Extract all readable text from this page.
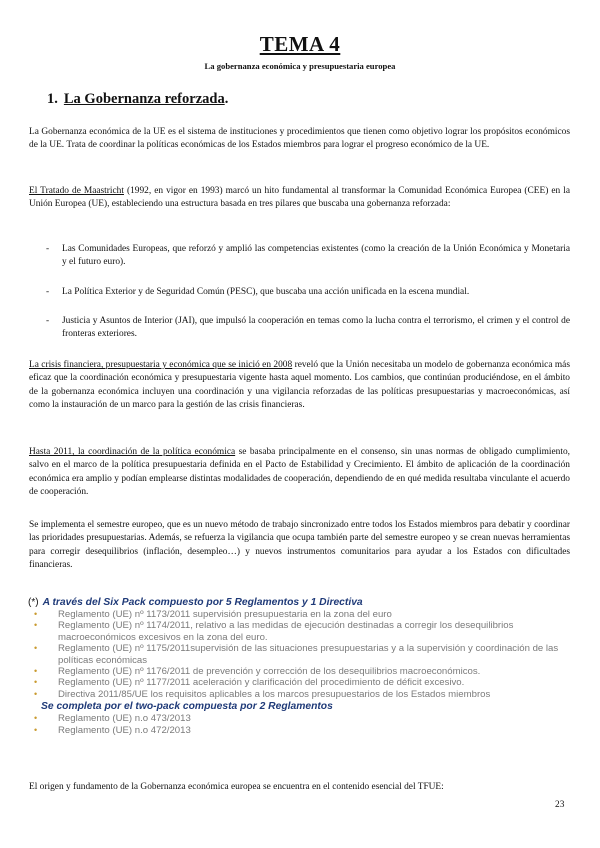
TEMA 4
La gobernanza económica y presupuestaria europea
1. La Gobernanza reforzada.
La Gobernanza económica de la UE es el sistema de instituciones y procedimientos que tienen como objetivo lograr los propósitos económicos de la UE. Trata de coordinar la políticas económicas de los Estados miembros para lograr el progreso económico de la UE.
El Tratado de Maastricht (1992, en vigor en 1993) marcó un hito fundamental al transformar la Comunidad Económica Europea (CEE) en la Unión Europea (UE), estableciendo una estructura basada en tres pilares que buscaba una gobernanza reforzada:
- Las Comunidades Europeas, que reforzó y amplió las competencias existentes (como la creación de la Unión Económica y Monetaria y el futuro euro).
- La Política Exterior y de Seguridad Común (PESC), que buscaba una acción unificada en la escena mundial.
- Justicia y Asuntos de Interior (JAI), que impulsó la cooperación en temas como la lucha contra el terrorismo, el crimen y el control de fronteras exteriores.
La crisis financiera, presupuestaria y económica que se inició en 2008 reveló que la Unión necesitaba un modelo de gobernanza económica más eficaz que la coordinación económica y presupuestaria vigente hasta aquel momento. Los cambios, que continúan produciéndose, en el ámbito de la gobernanza económica incluyen una coordinación y una vigilancia reforzadas de las políticas presupuestarias y macroeconómicas, así como la instauración de un marco para la gestión de las crisis financieras.
Hasta 2011, la coordinación de la política económica se basaba principalmente en el consenso, sin unas normas de obligado cumplimiento, salvo en el marco de la política presupuestaria definida en el Pacto de Estabilidad y Crecimiento. El ámbito de aplicación de la coordinación económica era amplio y podían emplearse distintas modalidades de cooperación, dependiendo de en qué medida resultaba vinculante el acuerdo de cooperación.
Se implementa el semestre europeo, que es un nuevo método de trabajo sincronizado entre todos los Estados miembros para debatir y coordinar las prioridades presupuestarias. Además, se refuerza la vigilancia que ocupa también parte del semestre europeo y se crean nuevas herramientas para corregir desequilibrios (inflación, desempleo…) y nuevos instrumentos comunitarios para ayudar a los Estados con dificultades financieras.
(*) A través del Six Pack compuesto por 5 Reglamentos y 1 Directiva
• Reglamento (UE) nº 1173/2011 supervisión presupuestaria en la zona del euro
• Reglamento (UE) nº 1174/2011, relativo a las medidas de ejecución destinadas a corregir los desequilibrios macroeconómicos excesivos en la zona del euro.
• Reglamento (UE) nº 1175/2011supervisión de las situaciones presupuestarias y a la supervisión y coordinación de las políticas económicas
• Reglamento (UE) nº 1176/2011 de prevención y corrección de los desequilibrios macroeconómicos.
• Reglamento (UE) nº 1177/2011 aceleración y clarificación del procedimiento de déficit excesivo.
• Directiva 2011/85/UE los requisitos aplicables a los marcos presupuestarios de los Estados miembros
Se completa por el two-pack compuesta por 2 Reglamentos
• Reglamento (UE) n.o 473/2013
• Reglamento (UE) n.o 472/2013
El origen y fundamento de la Gobernanza económica europea se encuentra en el contenido esencial del TFUE:
23
